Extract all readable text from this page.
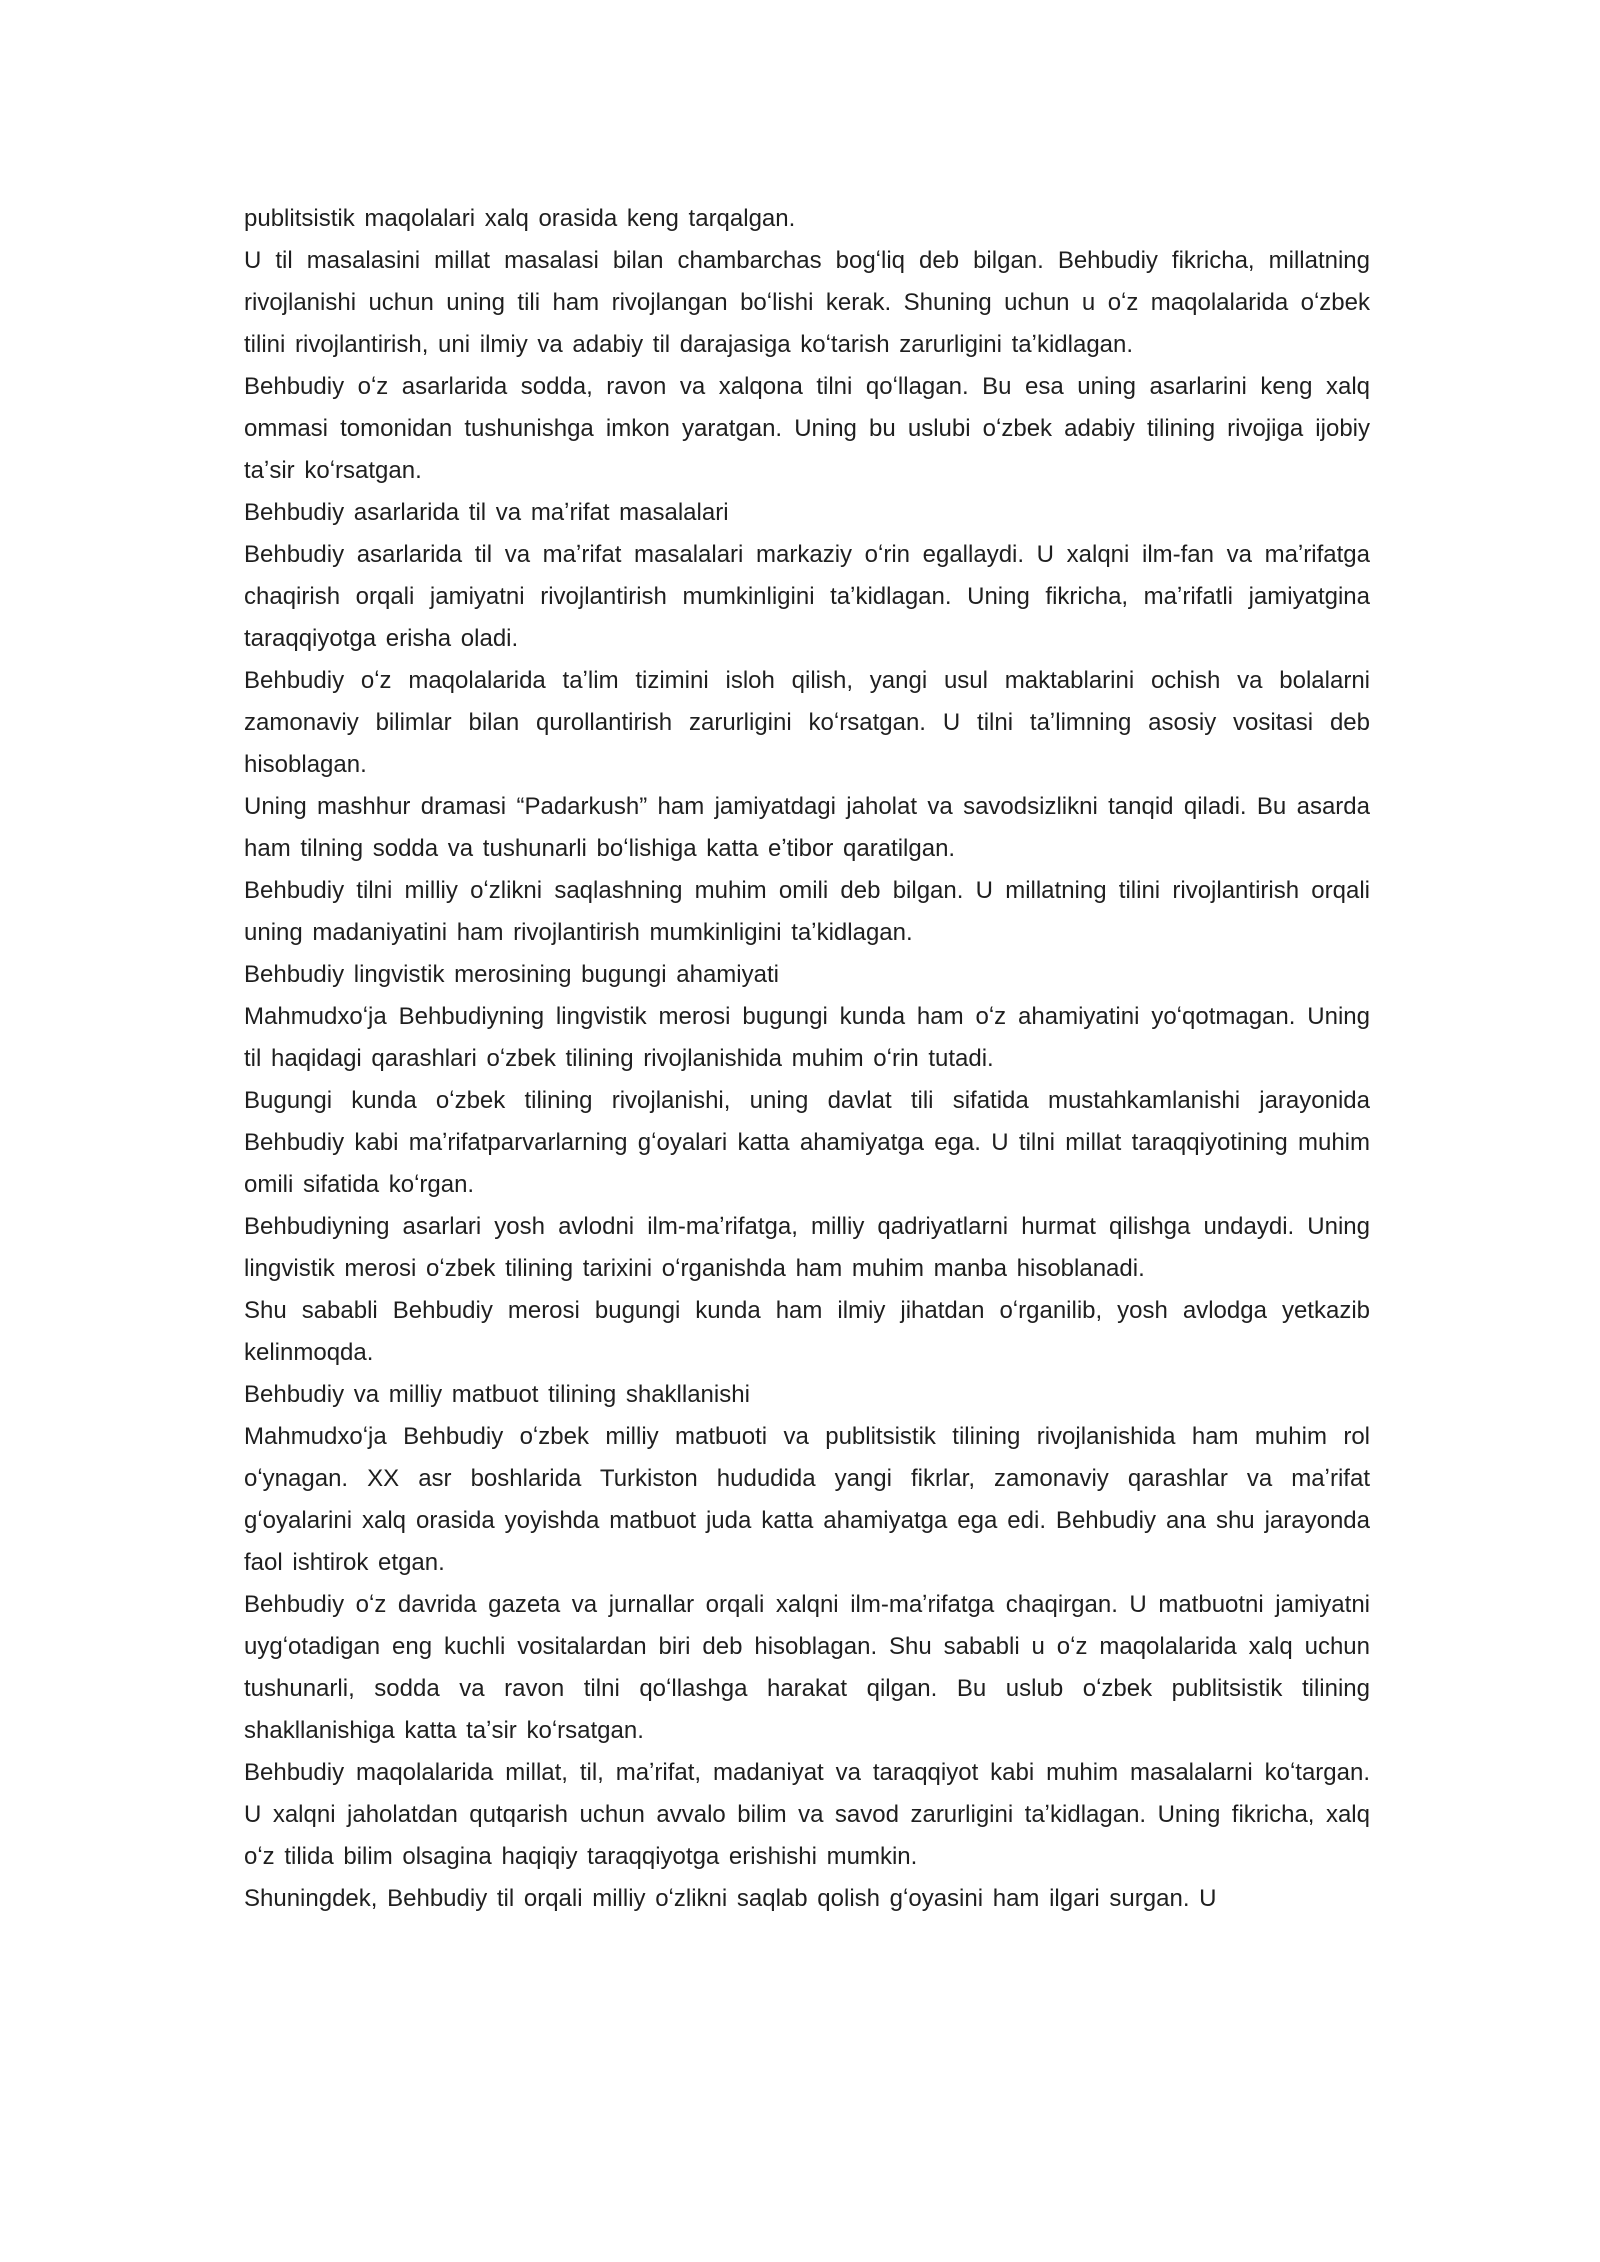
publitsistik maqolalari xalq orasida keng tarqalgan.

U til masalasini millat masalasi bilan chambarchas bogʻliq deb bilgan. Behbudiy fikricha, millatning rivojlanishi uchun uning tili ham rivojlangan boʻlishi kerak. Shuning uchun u oʻz maqolalarida oʻzbek tilini rivojlantirish, uni ilmiy va adabiy til darajasiga koʻtarish zarurligini taʼkidlagan.

Behbudiy oʻz asarlarida sodda, ravon va xalqona tilni qoʻllagan. Bu esa uning asarlarini keng xalq ommasi tomonidan tushunishga imkon yaratgan. Uning bu uslubi oʻzbek adabiy tilining rivojiga ijobiy taʼsir koʻrsatgan.

Behbudiy asarlarida til va maʼrifat masalalari

Behbudiy asarlarida til va maʼrifat masalalari markaziy oʻrin egallaydi. U xalqni ilm-fan va maʼrifatga chaqirish orqali jamiyatni rivojlantirish mumkinligini taʼkidlagan. Uning fikricha, maʼrifatli jamiyatgina taraqqiyotga erisha oladi.

Behbudiy oʻz maqolalarida taʼlim tizimini isloh qilish, yangi usul maktablarini ochish va bolalarni zamonaviy bilimlar bilan qurollantirish zarurligini koʻrsatgan. U tilni taʼlimning asosiy vositasi deb hisoblagan.

Uning mashhur dramasi “Padarkush” ham jamiyatdagi jaholat va savodsizlikni tanqid qiladi. Bu asarda ham tilning sodda va tushunarli boʻlishiga katta eʼtibor qaratilgan.

Behbudiy tilni milliy oʻzlikni saqlashning muhim omili deb bilgan. U millatning tilini rivojlantirish orqali uning madaniyatini ham rivojlantirish mumkinligini taʼkidlagan.

Behbudiy lingvistik merosining bugungi ahamiyati

Mahmudxoʻja Behbudiyning lingvistik merosi bugungi kunda ham oʻz ahamiyatini yoʻqotmagan. Uning til haqidagi qarashlari oʻzbek tilining rivojlanishida muhim oʻrin tutadi.

Bugungi kunda oʻzbek tilining rivojlanishi, uning davlat tili sifatida mustahkamlanishi jarayonida Behbudiy kabi maʼrifatparvarlarning gʻoyalari katta ahamiyatga ega. U tilni millat taraqqiyotining muhim omili sifatida koʻrgan.

Behbudiyning asarlari yosh avlodni ilm-maʼrifatga, milliy qadriyatlarni hurmat qilishga undaydi. Uning lingvistik merosi oʻzbek tilining tarixini oʻrganishda ham muhim manba hisoblanadi.

Shu sababli Behbudiy merosi bugungi kunda ham ilmiy jihatdan oʻrganilib, yosh avlodga yetkazib kelinmoqda.

Behbudiy va milliy matbuot tilining shakllanishi

Mahmudxoʻja Behbudiy oʻzbek milliy matbuoti va publitsistik tilining rivojlanishida ham muhim rol oʻynagan. XX asr boshlarida Turkiston hududida yangi fikrlar, zamonaviy qarashlar va maʼrifat gʻoyalarini xalq orasida yoyishda matbuot juda katta ahamiyatga ega edi. Behbudiy ana shu jarayonda faol ishtirok etgan.

Behbudiy oʻz davrida gazeta va jurnallar orqali xalqni ilm-maʼrifatga chaqirgan. U matbuotni jamiyatni uygʻotadigan eng kuchli vositalardan biri deb hisoblagan. Shu sababli u oʻz maqolalarida xalq uchun tushunarli, sodda va ravon tilni qoʻllashga harakat qilgan. Bu uslub oʻzbek publitsistik tilining shakllanishiga katta taʼsir koʻrsatgan.

Behbudiy maqolalarida millat, til, maʼrifat, madaniyat va taraqqiyot kabi muhim masalalarni koʻtargan. U xalqni jaholatdan qutqarish uchun avvalo bilim va savod zarurligini taʼkidlagan. Uning fikricha, xalq oʻz tilida bilim olsagina haqiqiy taraqqiyotga erishishi mumkin.

Shuningdek, Behbudiy til orqali milliy oʻzlikni saqlab qolish gʻoyasini ham ilgari surgan. U
